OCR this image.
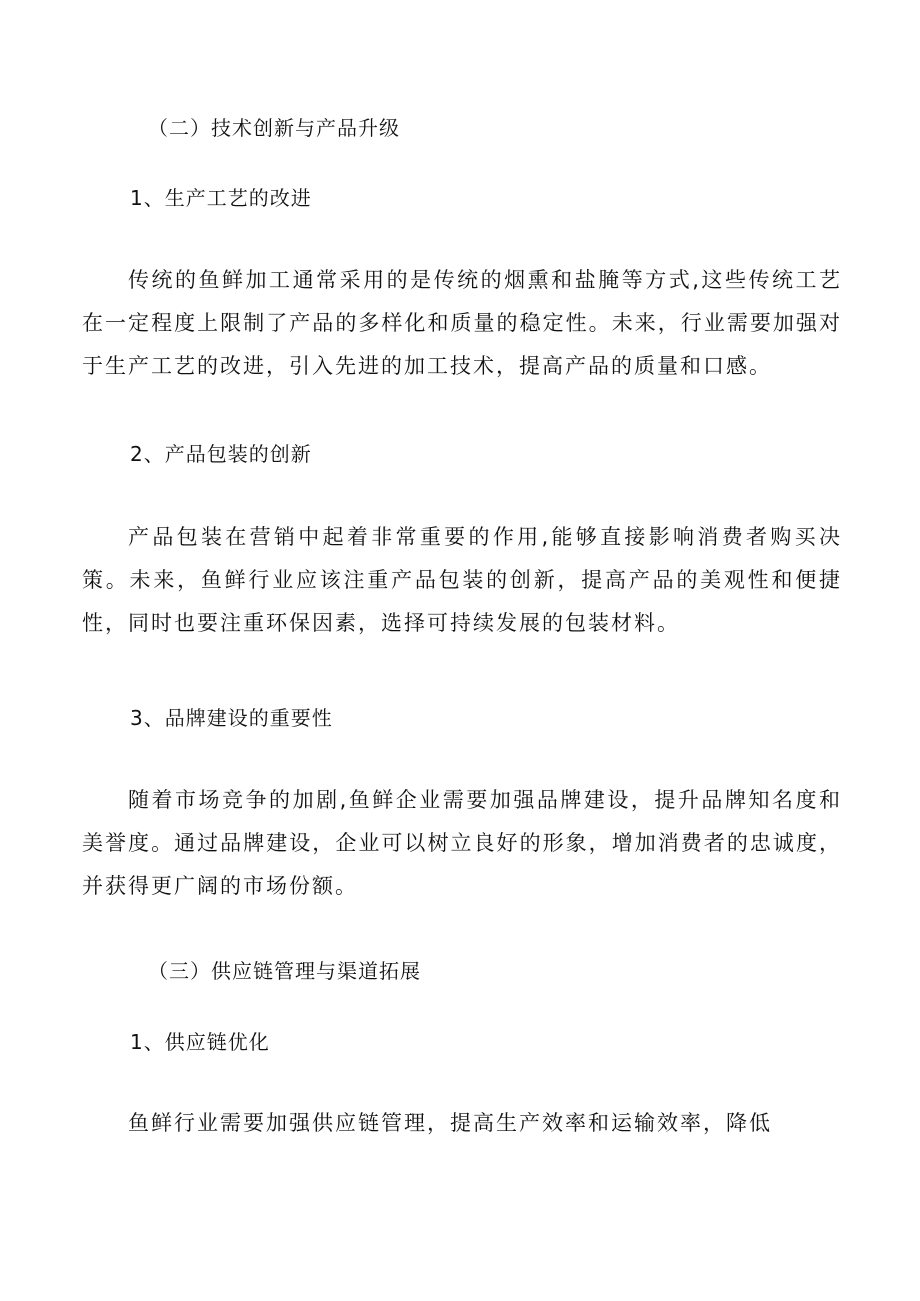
（二）技术创新与产品升级
1、生产工艺的改进
传统的鱼鲜加工通常采用的是传统的烟熏和盐腌等方式,这些传统工艺在一定程度上限制了产品的多样化和质量的稳定性。未来，行业需要加强对于生产工艺的改进，引入先进的加工技术，提高产品的质量和口感。
2、产品包装的创新
产品包装在营销中起着非常重要的作用,能够直接影响消费者购买决策。未来，鱼鲜行业应该注重产品包装的创新，提高产品的美观性和便捷性，同时也要注重环保因素，选择可持续发展的包装材料。
3、品牌建设的重要性
随着市场竞争的加剧,鱼鲜企业需要加强品牌建设，提升品牌知名度和美誉度。通过品牌建设，企业可以树立良好的形象，增加消费者的忠诚度，并获得更广阔的市场份额。
（三）供应链管理与渠道拓展
1、供应链优化
鱼鲜行业需要加强供应链管理，提高生产效率和运输效率，降低
